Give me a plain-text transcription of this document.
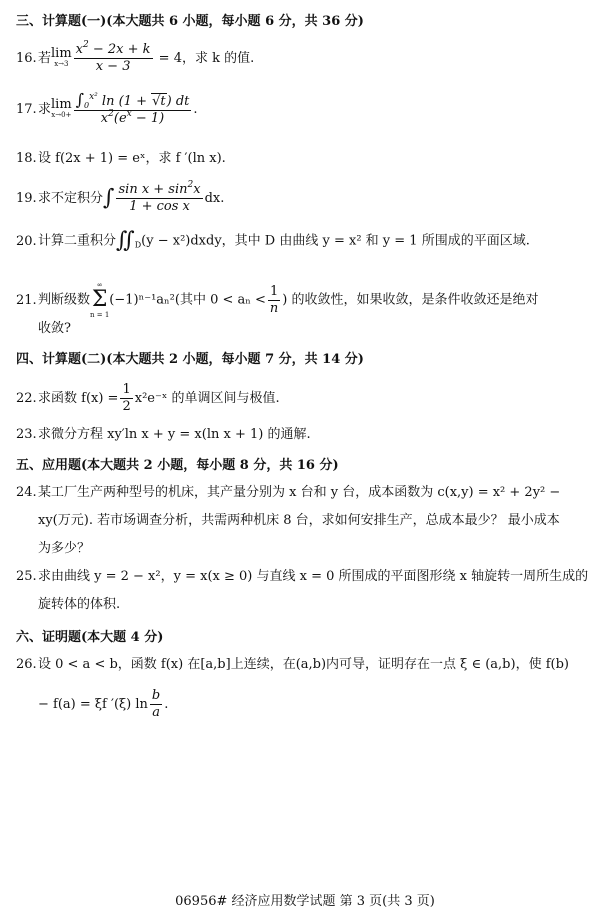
三、计算题(一)(本大题共 6 小题，每小题 6 分，共 36 分)
16.若lim
$x\to 3 \frac{x^2 - 2x + k}{x - 3} = 4$，求 k 的值.
17.求lim
$x\to 0+ \frac{\int_0^{x^2} \ln (1 + √t) dt}{x^2(e^x - 1)}$ .
18.设 f(2x + 1) = eˣ，求 f ′(ln x).
19.求不定积分∫ $\frac{\sin x + \sin^2x}{\text{1 + cos x}}$ dx.
20.计算二重积分$∬_D(y$ − x²)dxdy，其中 D 由曲线 y = x² 和 y = 1 所围成的平面区域.
21.判断级数
∞
Σ
n = 1
(−1)ⁿ⁻¹aₙ²(其中 $0 < a_n < \frac{1}{n}$ ) 的收敛性，如果收敛，是条件收敛还是绝对
收敛?
四、计算题(二)(本大题共 2 小题，每小题 7 分，共 14 分)
22.求函数 $f(x) = \frac{1}{2}$ x²e⁻ˣ 的单调区间与极值.
23.求微分方程 xy′ln x + y = x(ln x + 1) 的通解.
五、应用题(本大题共 2 小题，每小题 8 分，共 16 分)
24.某工厂生产两种型号的机床，其产量分别为 x 台和 y 台，成本函数为 c(x,y) = x² + 2y² −
xy(万元). 若市场调查分析，共需两种机床 8 台，求如何安排生产，总成本最少？ 最小成本
为多少？
25.求由曲线 y = 2 − x²，y = x(x ≥ 0) 与直线 x = 0 所围成的平面图形绕 x 轴旋转一周所生成的
旋转体的体积.
六、证明题(本大题 4 分)
26.设 0 < a < b，函数 f(x) 在[a,b]上连续，在(a,b)内可导，证明存在一点 ξ ∈ (a,b)，使 f(b)
− f(a) = ξf ′(ξ) $\ln \frac{b}{a}$ .
06956# 经济应用数学试题 第 3 页(共 3 页)
